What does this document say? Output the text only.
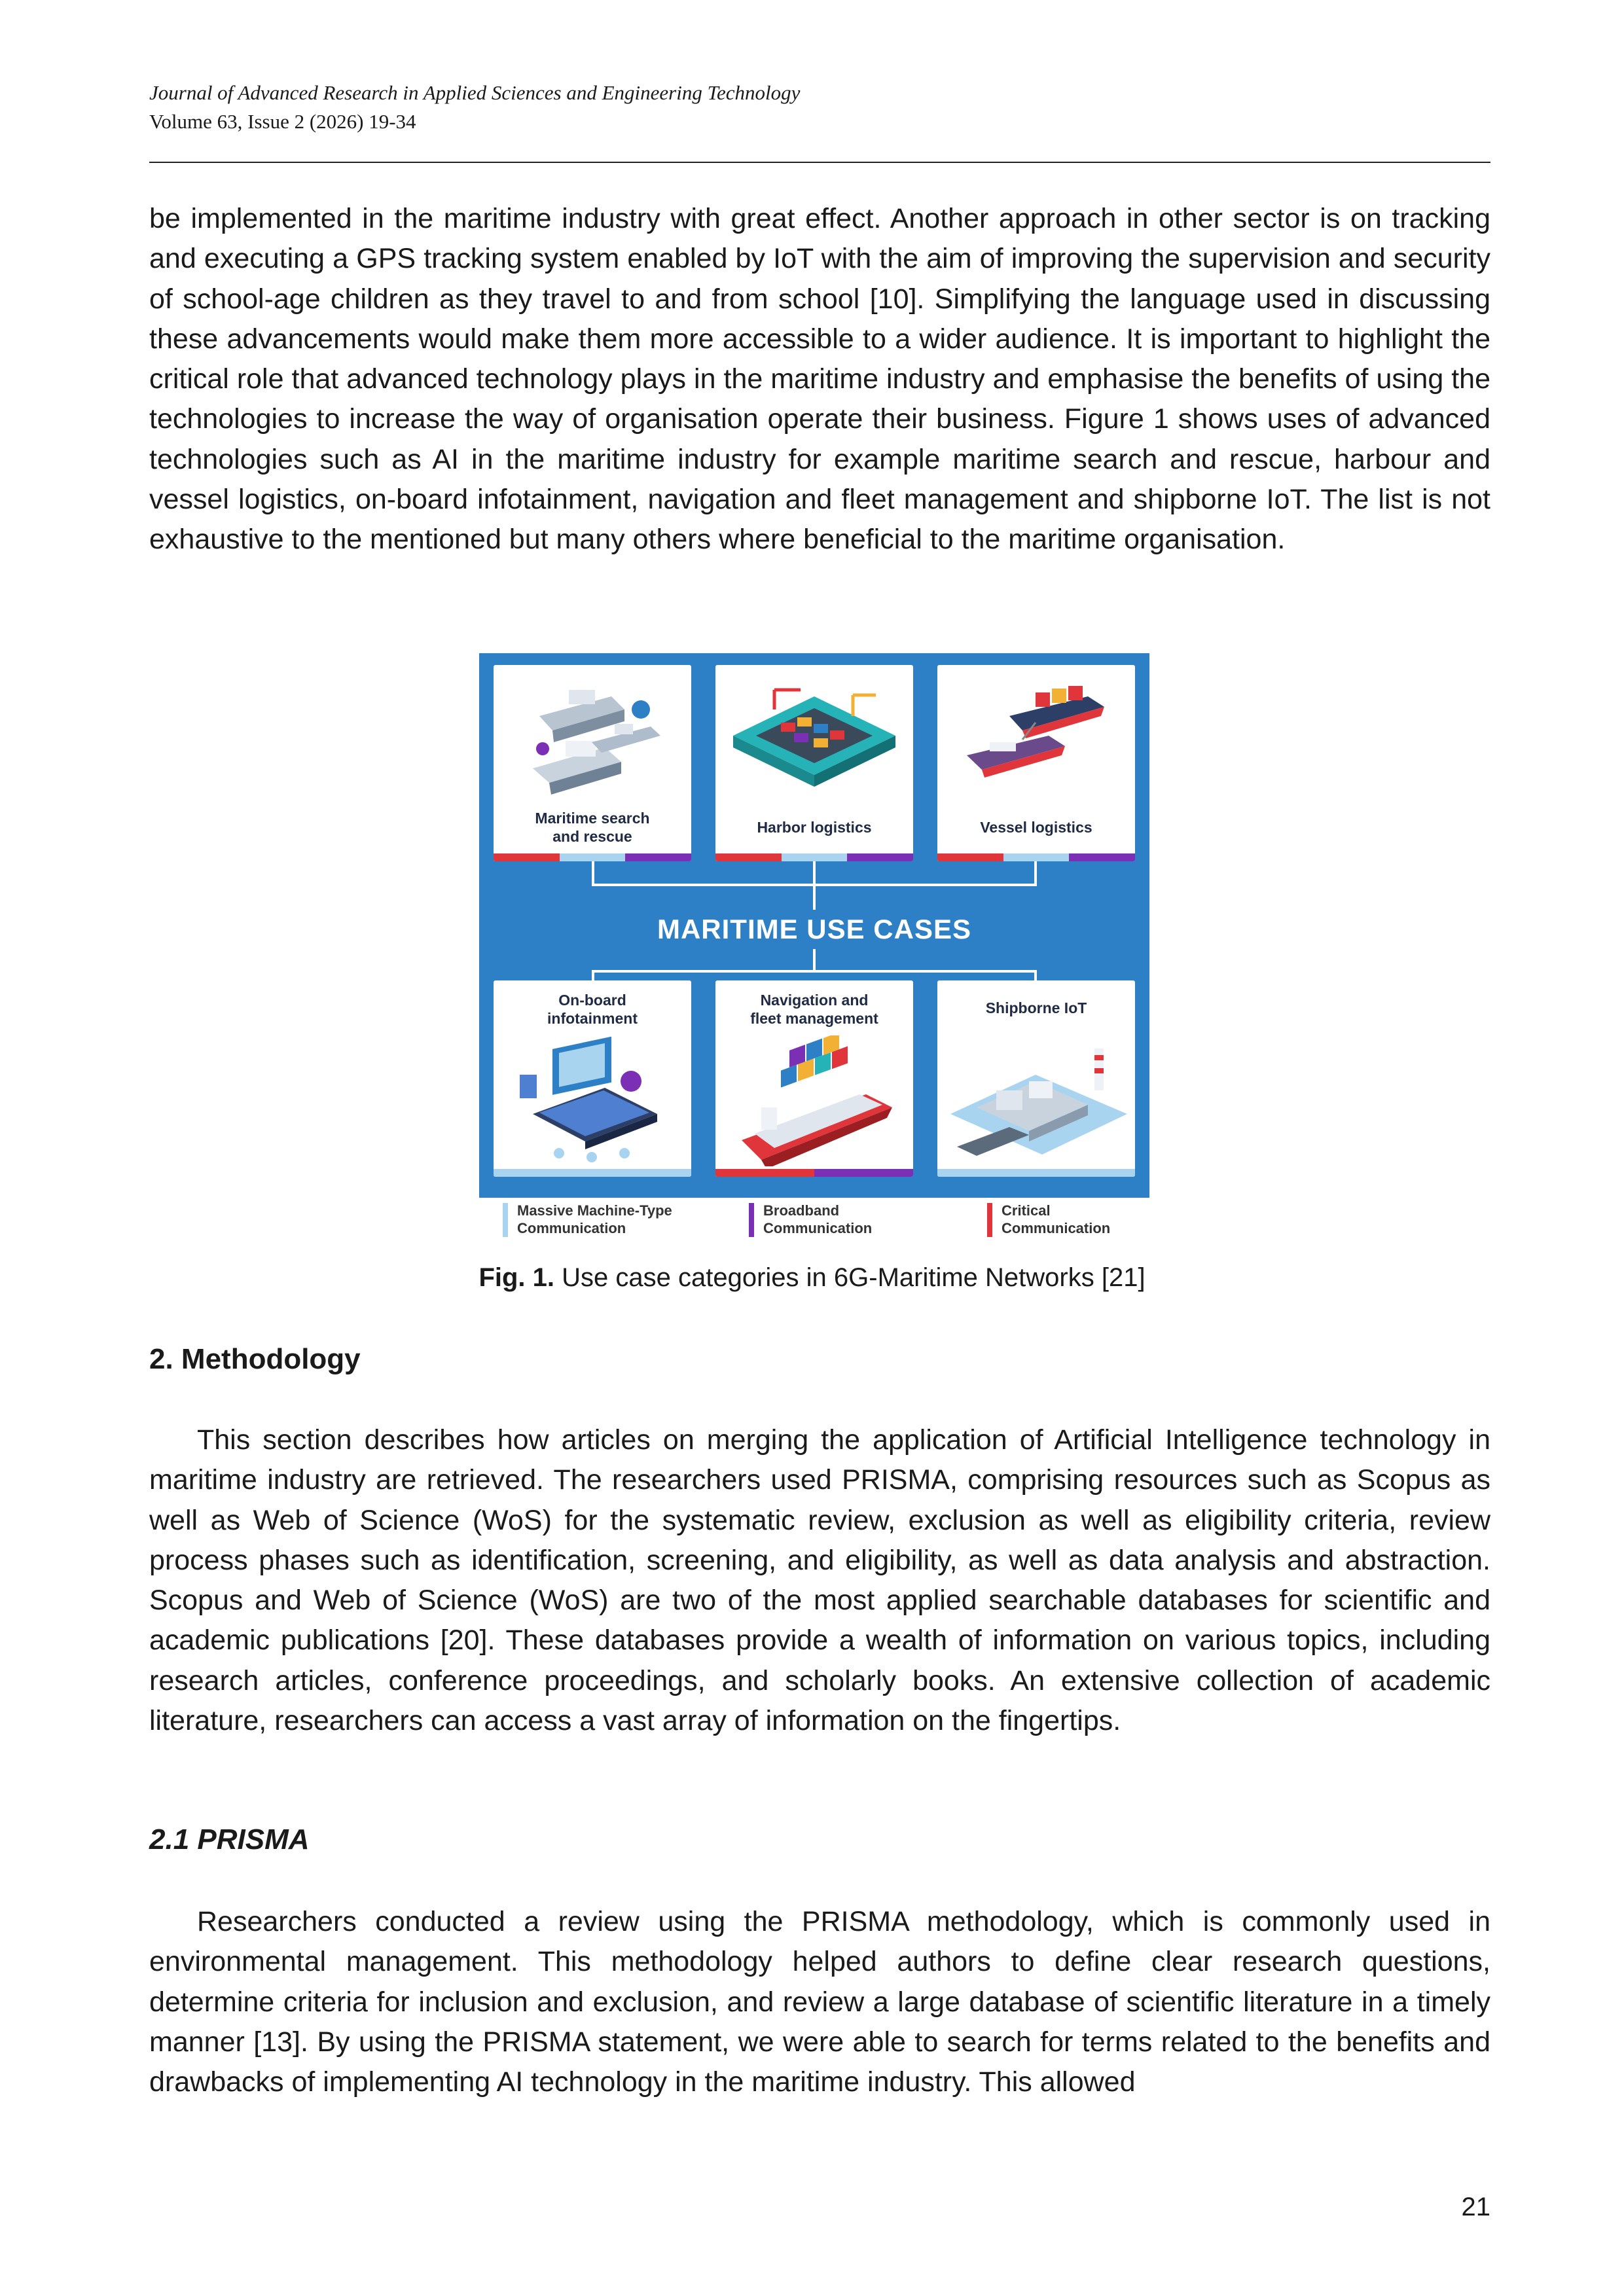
Journal of Advanced Research in Applied Sciences and Engineering Technology
Volume 63, Issue 2 (2026) 19-34

be implemented in the maritime industry with great effect. Another approach in other sector is on tracking and executing a GPS tracking system enabled by IoT with the aim of improving the supervision and security of school-age children as they travel to and from school [10]. Simplifying the language used in discussing these advancements would make them more accessible to a wider audience. It is important to highlight the critical role that advanced technology plays in the maritime industry and emphasise the benefits of using the technologies to increase the way of organisation operate their business. Figure 1 shows uses of advanced technologies such as AI in the maritime industry for example maritime search and rescue, harbour and vessel logistics, on-board infotainment, navigation and fleet management and shipborne IoT. The list is not exhaustive to the mentioned but many others where beneficial to the maritime organisation.

Maritime search
and rescue
Harbor logistics	Vessel logistics
MARITIME USE CASES
On-board
infotainment
Navigation and
fleet management
Shipborne IoT
Massive Machine-Type
Communication
Broadband
Communication
Critical
Communication
Fig. 1. Use case categories in 6G-Maritime Networks [21]
2. Methodology

This section describes how articles on merging the application of Artificial Intelligence technology in maritime industry are retrieved. The researchers used PRISMA, comprising resources such as Scopus as well as Web of Science (WoS) for the systematic review, exclusion as well as eligibility criteria, review process phases such as identification, screening, and eligibility, as well as data analysis and abstraction. Scopus and Web of Science (WoS) are two of the most applied searchable databases for scientific and academic publications [20]. These databases provide a wealth of information on various topics, including research articles, conference proceedings, and scholarly books. An extensive collection of academic literature, researchers can access a vast array of information on the fingertips.

2.1 PRISMA

Researchers conducted a review using the PRISMA methodology, which is commonly used in environmental management. This methodology helped authors to define clear research questions, determine criteria for inclusion and exclusion, and review a large database of scientific literature in a timely manner [13]. By using the PRISMA statement, we were able to search for terms related to the benefits and drawbacks of implementing AI technology in the maritime industry. This allowed

21
